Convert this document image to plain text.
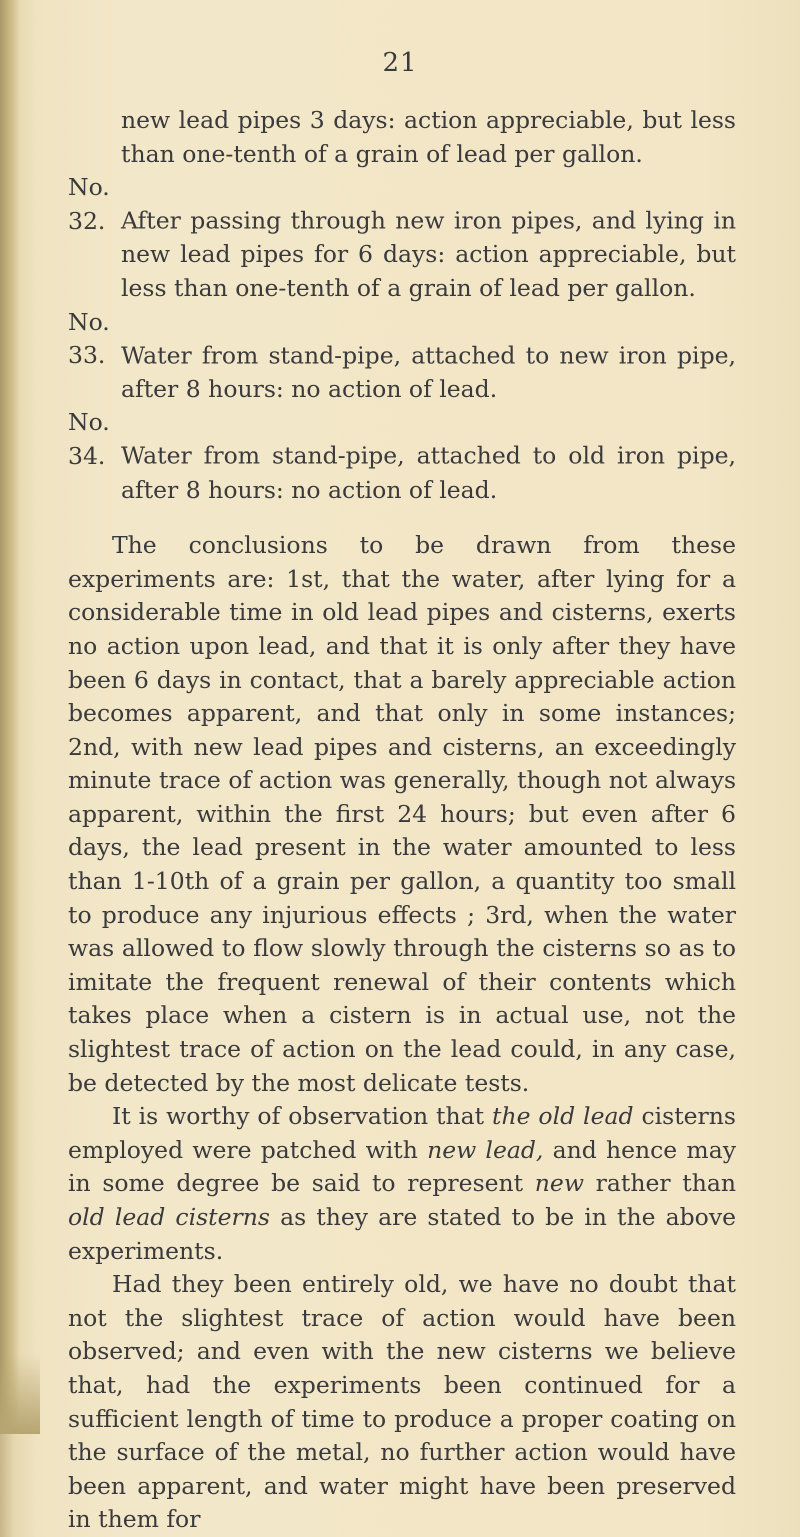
21

new lead pipes 3 days: action appreciable, but less than one-tenth of a grain of lead per gallon.

No. 32. After passing through new iron pipes, and lying in new lead pipes for 6 days: action appreciable, but less than one-tenth of a grain of lead per gallon.

No. 33. Water from stand-pipe, attached to new iron pipe, after 8 hours: no action of lead.

No. 34. Water from stand-pipe, attached to old iron pipe, after 8 hours: no action of lead.

The conclusions to be drawn from these experiments are: 1st, that the water, after lying for a considerable time in old lead pipes and cisterns, exerts no action upon lead, and that it is only after they have been 6 days in contact, that a barely appreciable action becomes apparent, and that only in some instances; 2nd, with new lead pipes and cisterns, an exceedingly minute trace of action was generally, though not always apparent, within the first 24 hours; but even after 6 days, the lead present in the water amounted to less than 1-10th of a grain per gallon, a quantity too small to produce any injurious effects ; 3rd, when the water was allowed to flow slowly through the cisterns so as to imitate the frequent renewal of their contents which takes place when a cistern is in actual use, not the slightest trace of action on the lead could, in any case, be detected by the most delicate tests.

It is worthy of observation that the old lead cisterns employed were patched with new lead, and hence may in some degree be said to represent new rather than old lead cisterns as they are stated to be in the above experiments.

Had they been entirely old, we have no doubt that not the slightest trace of action would have been observed; and even with the new cisterns we believe that, had the experiments been continued for a sufficient length of time to produce a proper coating on the surface of the metal, no further action would have been apparent, and water might have been preserved in them for
